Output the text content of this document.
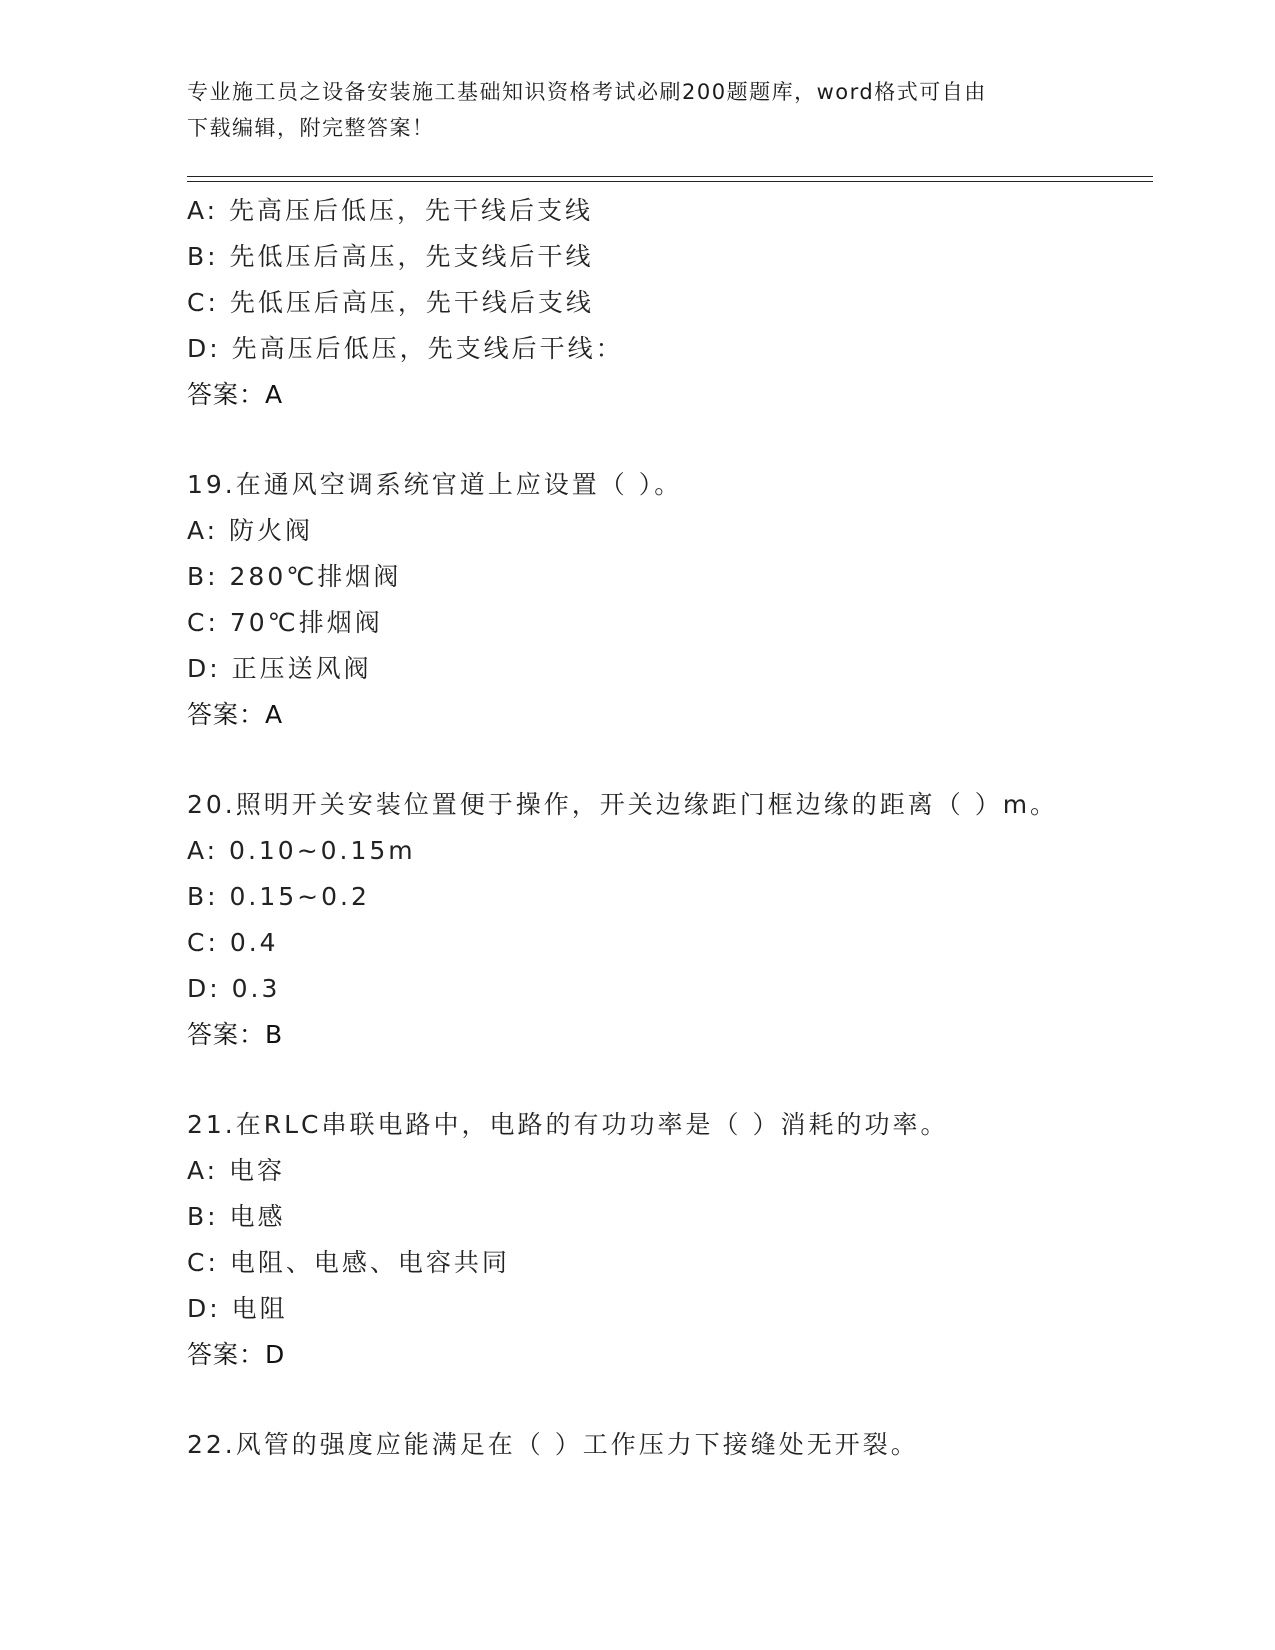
专业施工员之设备安装施工基础知识资格考试必刷200题题库，word格式可自由
下载编辑，附完整答案！
A: 先高压后低压，先干线后支线
B: 先低压后高压，先支线后干线
C: 先低压后高压，先干线后支线
D: 先高压后低压，先支线后干线：
答案：A
19.在通风空调系统官道上应设置（ ）。
A: 防火阀
B: 280℃排烟阀
C: 70℃排烟阀
D: 正压送风阀
答案：A
20.照明开关安装位置便于操作，开关边缘距门框边缘的距离（ ）m。
A: 0.10~0.15m
B: 0.15~0.2
C: 0.4
D: 0.3
答案：B
21.在RLC串联电路中，电路的有功功率是（ ）消耗的功率。
A: 电容
B: 电感
C: 电阻、电感、电容共同
D: 电阻
答案：D
22.风管的强度应能满足在（ ）工作压力下接缝处无开裂。
